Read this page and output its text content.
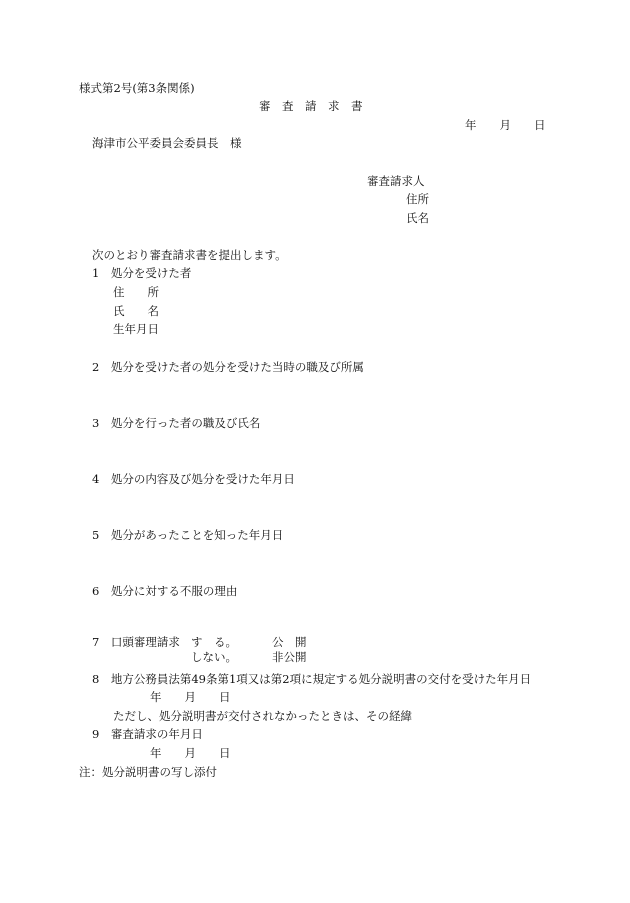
様式第2号(第3条関係)
審　査　請　求　書
年　　月　　日
海津市公平委員会委員長　様
審査請求人
住所
氏名
次のとおり審査請求書を提出します。
1　処分を受けた者
住　　所
氏　　名
生年月日
2　処分を受けた者の処分を受けた当時の職及び所属
3　処分を行った者の職及び氏名
4　処分の内容及び処分を受けた年月日
5　処分があったことを知った年月日
6　処分に対する不服の理由
7　口頭審理請求 す　る。	公　開
しない。	非公開
8　地方公務員法第49条第1項又は第2項に規定する処分説明書の交付を受けた年月日
年　　月　　日
ただし、処分説明書が交付されなかったときは、その経緯
9　審査請求の年月日
年　　月　　日
注：処分説明書の写し添付
